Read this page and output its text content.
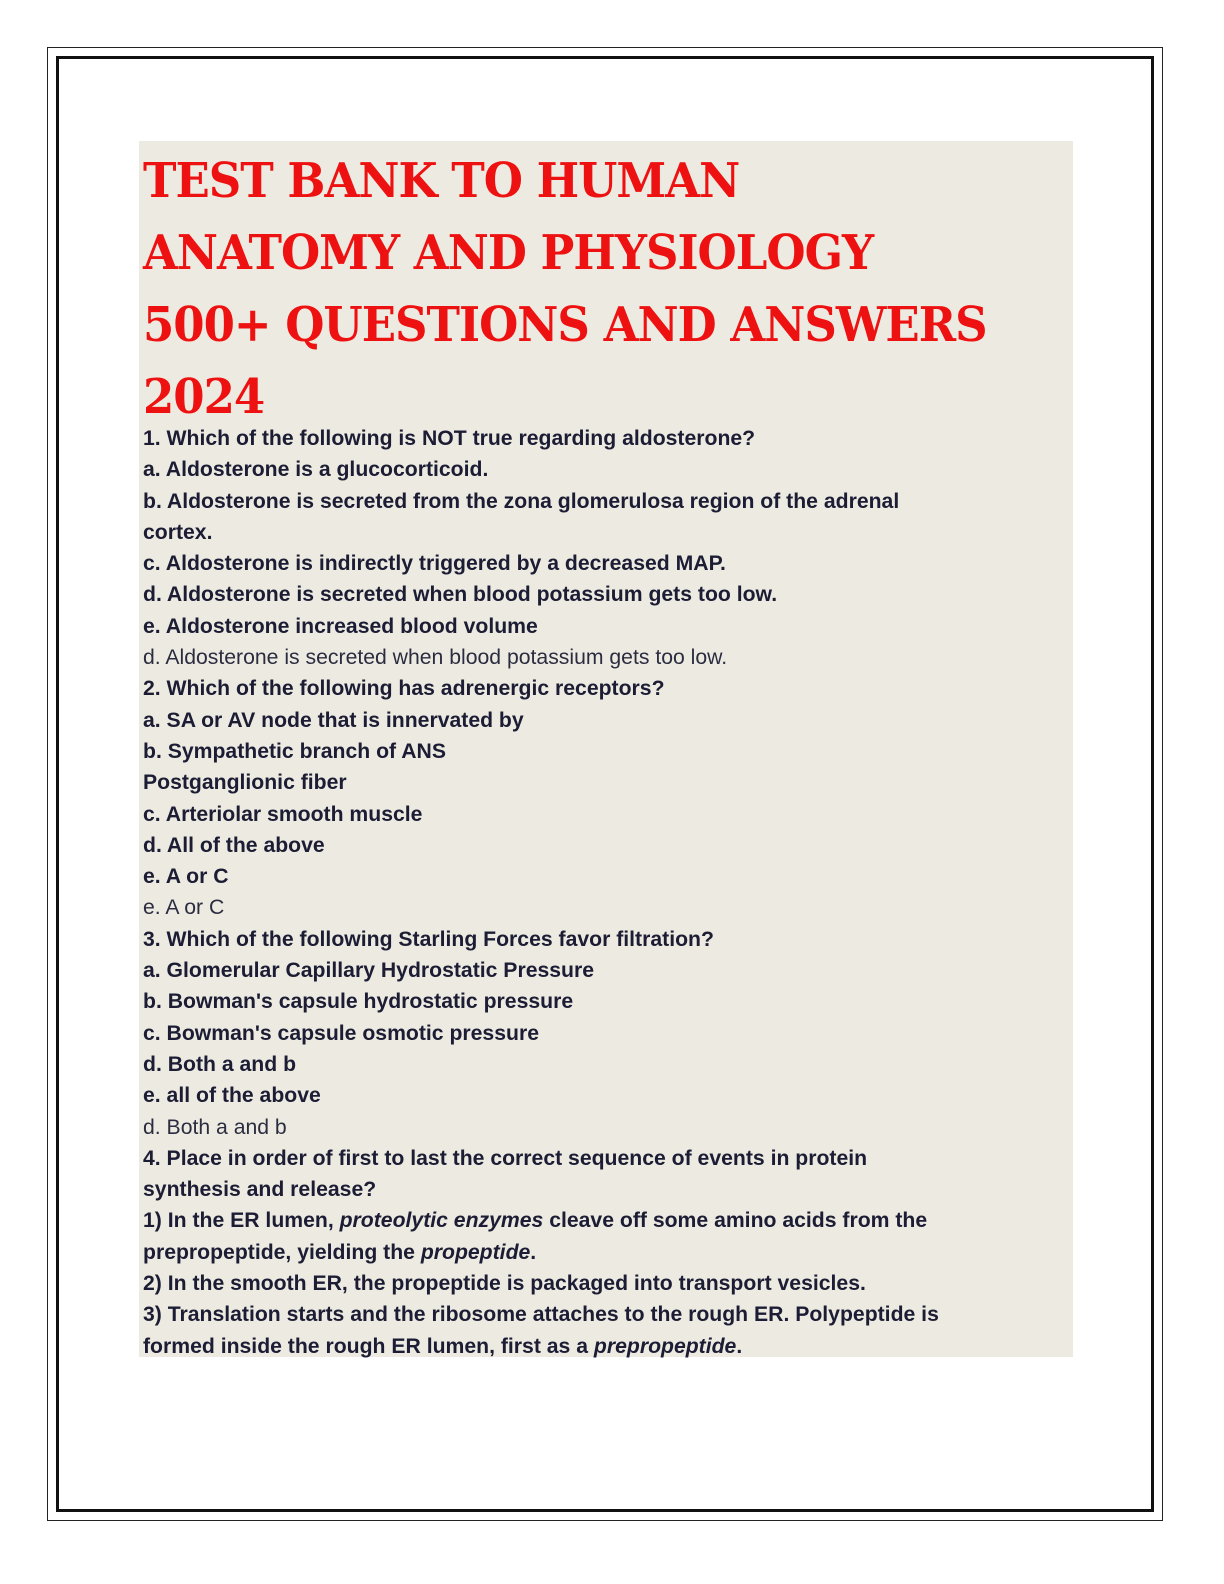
TEST BANK TO HUMAN
ANATOMY AND PHYSIOLOGY
500+ QUESTIONS AND ANSWERS
2024
1. Which of the following is NOT true regarding aldosterone?
a. Aldosterone is a glucocorticoid.
b. Aldosterone is secreted from the zona glomerulosa region of the adrenal
cortex.
c. Aldosterone is indirectly triggered by a decreased MAP.
d. Aldosterone is secreted when blood potassium gets too low.
e. Aldosterone increased blood volume
d. Aldosterone is secreted when blood potassium gets too low.
2. Which of the following has adrenergic receptors?
a. SA or AV node that is innervated by
b. Sympathetic branch of ANS
Postganglionic fiber
c. Arteriolar smooth muscle
d. All of the above
e. A or C
e. A or C
3. Which of the following Starling Forces favor filtration?
a. Glomerular Capillary Hydrostatic Pressure
b. Bowman's capsule hydrostatic pressure
c. Bowman's capsule osmotic pressure
d. Both a and b
e. all of the above
d. Both a and b
4. Place in order of first to last the correct sequence of events in protein
synthesis and release?
1) In the ER lumen, proteolytic enzymes cleave off some amino acids from the
prepropeptide, yielding the propeptide.
2) In the smooth ER, the propeptide is packaged into transport vesicles.
3) Translation starts and the ribosome attaches to the rough ER. Polypeptide is
formed inside the rough ER lumen, first as a prepropeptide.
